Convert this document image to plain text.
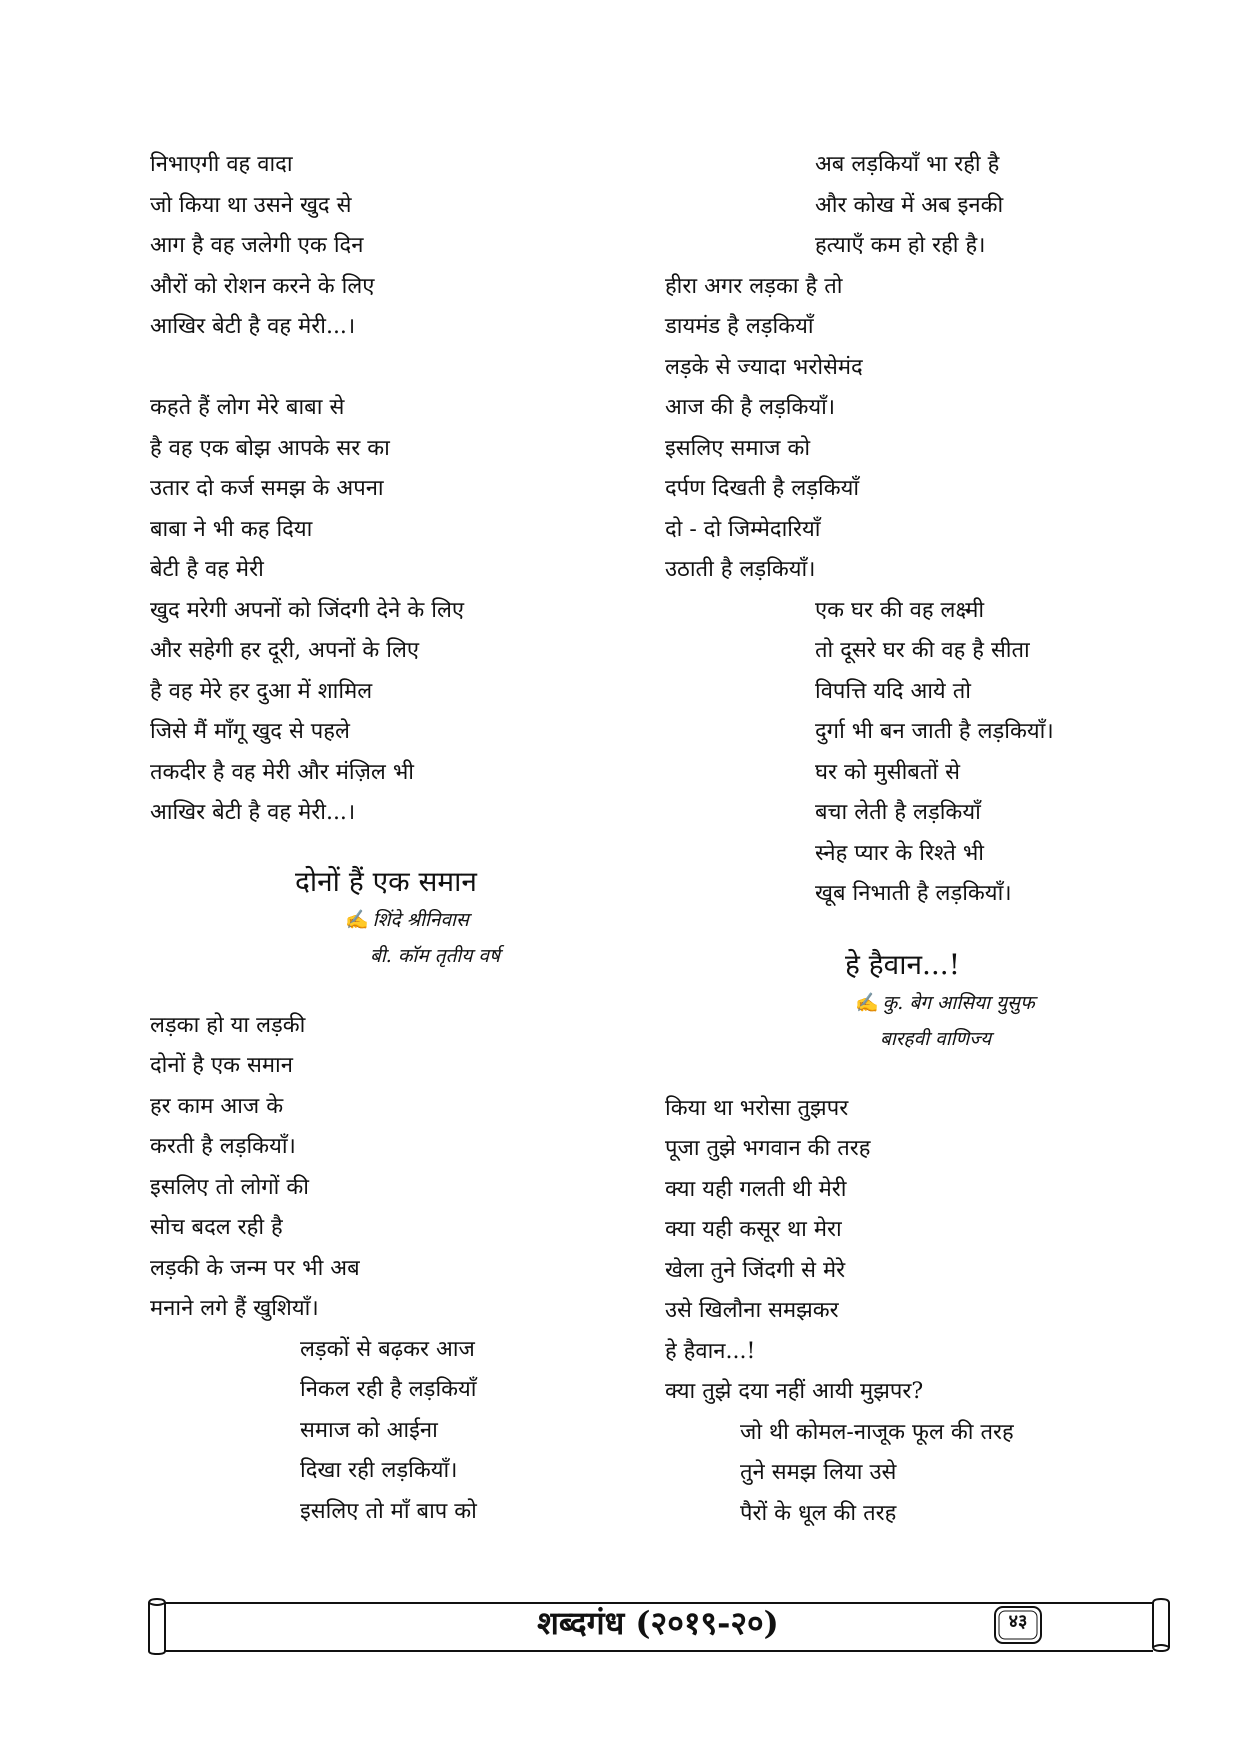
निभाएगी वह वादा
जो किया था उसने खुद से
आग है वह जलेगी एक दिन
औरों को रोशन करने के लिए
आखिर बेटी है वह मेरी...।
कहते हैं लोग मेरे बाबा से
है वह एक बोझ आपके सर का
उतार दो कर्ज समझ के अपना
बाबा ने भी कह दिया
बेटी है वह मेरी
खुद मरेगी अपनों को जिंदगी देने के लिए
और सहेगी हर दूरी, अपनों के लिए
है वह मेरे हर दुआ में शामिल
जिसे मैं माँगू खुद से पहले
तकदीर है वह मेरी और मंज़िल भी
आखिर बेटी है वह मेरी...।
दोनों हैं एक समान
✍ शिंदे श्रीनिवास
बी. कॉम तृतीय वर्ष
लड़का हो या लड़की
दोनों है एक समान
हर काम आज के
करती है लड़कियाँ।
इसलिए तो लोगों की
सोच बदल रही है
लड़की के जन्म पर भी अब
मनाने लगे हैं खुशियाँ।
लड़कों से बढ़कर आज
निकल रही है लड़कियाँ
समाज को आईना
दिखा रही लड़कियाँ।
इसलिए तो माँ बाप को
अब लड़कियाँ भा रही है
और कोख में अब इनकी
हत्याएँ कम हो रही है।
हीरा अगर लड़का है तो
डायमंड है लड़कियाँ
लड़के से ज्यादा भरोसेमंद
आज की है लड़कियाँ।
इसलिए समाज को
दर्पण दिखती है लड़कियाँ
दो - दो जिम्मेदारियाँ
उठाती है लड़कियाँ।
एक घर की वह लक्ष्मी
तो दूसरे घर की वह है सीता
विपत्ति यदि आये तो
दुर्गा भी बन जाती है लड़कियाँ।
घर को मुसीबतों से
बचा लेती है लड़कियाँ
स्नेह प्यार के रिश्ते भी
खूब निभाती है लड़कियाँ।
हे हैवान...!
✍ कु. बेग आसिया युसुफ
बारहवी वाणिज्य
किया था भरोसा तुझपर
पूजा तुझे भगवान की तरह
क्या यही गलती थी मेरी
क्या यही कसूर था मेरा
खेला तुने जिंदगी से मेरे
उसे खिलौना समझकर
हे हैवान...!
क्या तुझे दया नहीं आयी मुझपर?
जो थी कोमल-नाजूक फूल की तरह
तुने समझ लिया उसे
पैरों के धूल की तरह
शब्दगंध (२०१९-२०)	४३
